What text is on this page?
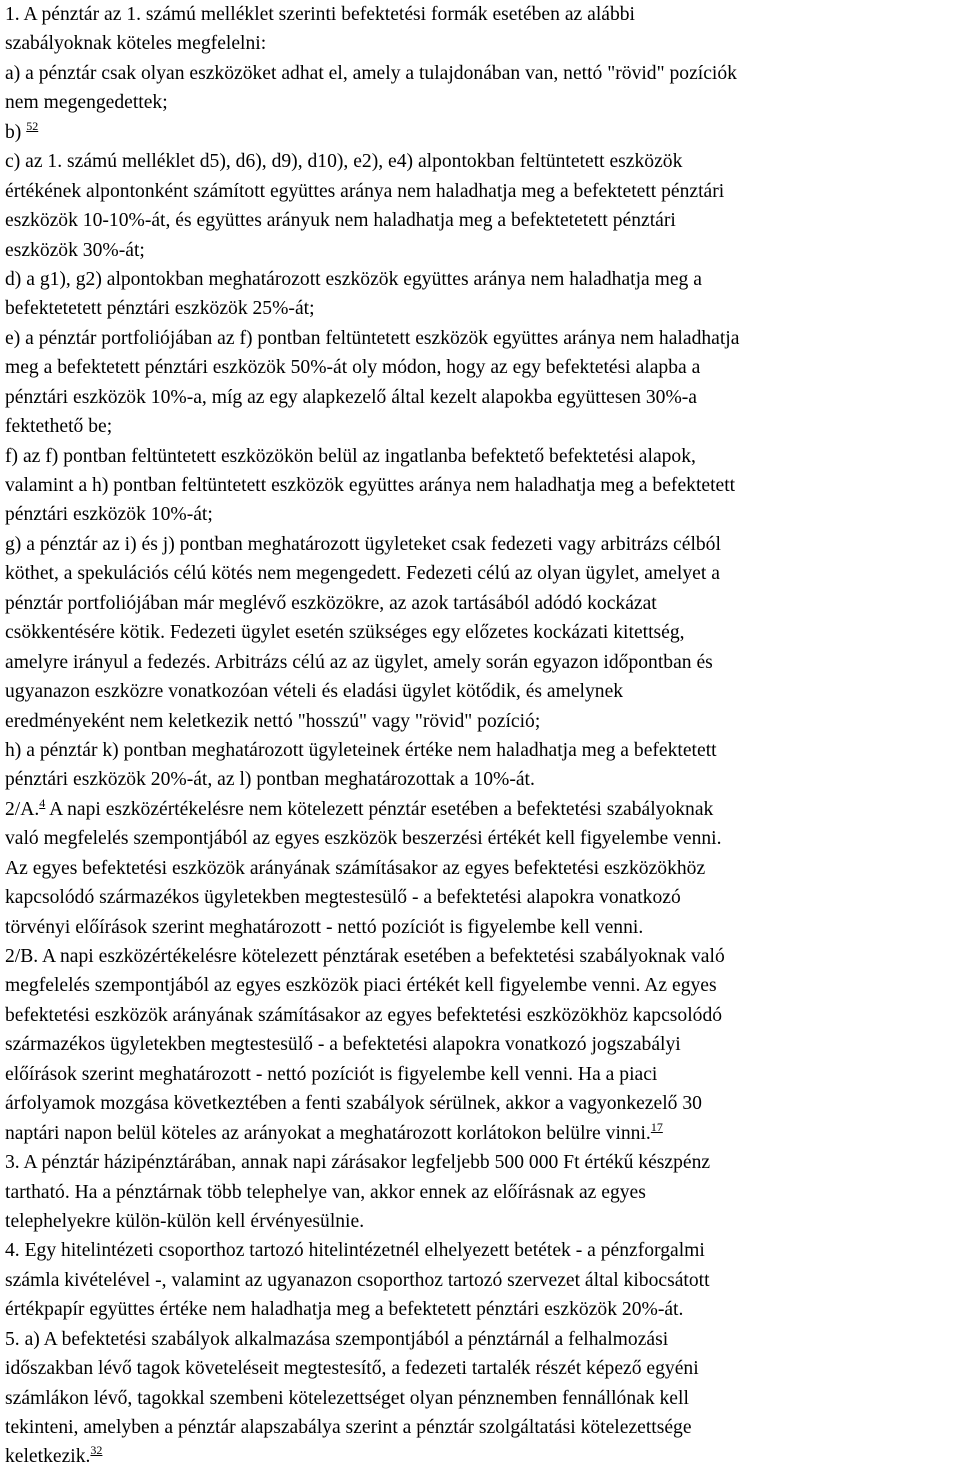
1. A pénztár az 1. számú melléklet szerinti befektetési formák esetében az alábbi
szabályoknak köteles megfelelni:
a) a pénztár csak olyan eszközöket adhat el, amely a tulajdonában van, nettó "rövid" pozíciók
nem megengedettek;
b) $^{52}$
c) az 1. számú melléklet d5), d6), d9), d10), e2), e4) alpontokban feltüntetett eszközök
értékének alpontonként számított együttes aránya nem haladhatja meg a befektetett pénztári
eszközök 10-10%-át, és együttes arányuk nem haladhatja meg a befektetetett pénztári
eszközök 30%-át;
d) a g1), g2) alpontokban meghatározott eszközök együttes aránya nem haladhatja meg a
befektetetett pénztári eszközök 25%-át;
e) a pénztár portfoliójában az f) pontban feltüntetett eszközök együttes aránya nem haladhatja
meg a befektetett pénztári eszközök 50%-át oly módon, hogy az egy befektetési alapba a
pénztári eszközök 10%-a, míg az egy alapkezelő által kezelt alapokba együttesen 30%-a
fektethető be;
f) az f) pontban feltüntetett eszközökön belül az ingatlanba befektető befektetési alapok,
valamint a h) pontban feltüntetett eszközök együttes aránya nem haladhatja meg a befektetett
pénztári eszközök 10%-át;
g) a pénztár az i) és j) pontban meghatározott ügyleteket csak fedezeti vagy arbitrázs célból
köthet, a spekulációs célú kötés nem megengedett. Fedezeti célú az olyan ügylet, amelyet a
pénztár portfoliójában már meglévő eszközökre, az azok tartásából adódó kockázat
csökkentésére kötik. Fedezeti ügylet esetén szükséges egy előzetes kockázati kitettség,
amelyre irányul a fedezés. Arbitrázs célú az az ügylet, amely során egyazon időpontban és
ugyanazon eszközre vonatkozóan vételi és eladási ügylet kötődik, és amelynek
eredményeként nem keletkezik nettó "hosszú" vagy "rövid" pozíció;
h) a pénztár k) pontban meghatározott ügyleteinek értéke nem haladhatja meg a befektetett
pénztári eszközök 20%-át, az l) pontban meghatározottak a 10%-át.
2/A.$^4$ A napi eszközértékelésre nem kötelezett pénztár esetében a befektetési szabályoknak
való megfelelés szempontjából az egyes eszközök beszerzési értékét kell figyelembe venni.
Az egyes befektetési eszközök arányának számításakor az egyes befektetési eszközökhöz
kapcsolódó származékos ügyletekben megtestesülő - a befektetési alapokra vonatkozó
törvényi előírások szerint meghatározott - nettó pozíciót is figyelembe kell venni.
2/B. A napi eszközértékelésre kötelezett pénztárak esetében a befektetési szabályoknak való
megfelelés szempontjából az egyes eszközök piaci értékét kell figyelembe venni. Az egyes
befektetési eszközök arányának számításakor az egyes befektetési eszközökhöz kapcsolódó
származékos ügyletekben megtestesülő - a befektetési alapokra vonatkozó jogszabályi
előírások szerint meghatározott - nettó pozíciót is figyelembe kell venni. Ha a piaci
árfolyamok mozgása következtében a fenti szabályok sérülnek, akkor a vagyonkezelő 30
naptári napon belül köteles az arányokat a meghatározott korlátokon belülre vinni.$^{17}$
3. A pénztár házipénztárában, annak napi zárásakor legfeljebb 500 000 Ft értékű készpénz
tartható. Ha a pénztárnak több telephelye van, akkor ennek az előírásnak az egyes
telephelyekre külön-külön kell érvényesülnie.
4. Egy hitelintézeti csoporthoz tartozó hitelintézetnél elhelyezett betétek - a pénzforgalmi
számla kivételével -, valamint az ugyanazon csoporthoz tartozó szervezet által kibocsátott
értékpapír együttes értéke nem haladhatja meg a befektetett pénztári eszközök 20%-át.
5. a) A befektetési szabályok alkalmazása szempontjából a pénztárnál a felhalmozási
időszakban lévő tagok követeléseit megtestesítő, a fedezeti tartalék részét képező egyéni
számlákon lévő, tagokkal szembeni kötelezettséget olyan pénznemben fennállónak kell
tekinteni, amelyben a pénztár alapszabálya szerint a pénztár szolgáltatási kötelezettsége
keletkezik.$^{32}$
